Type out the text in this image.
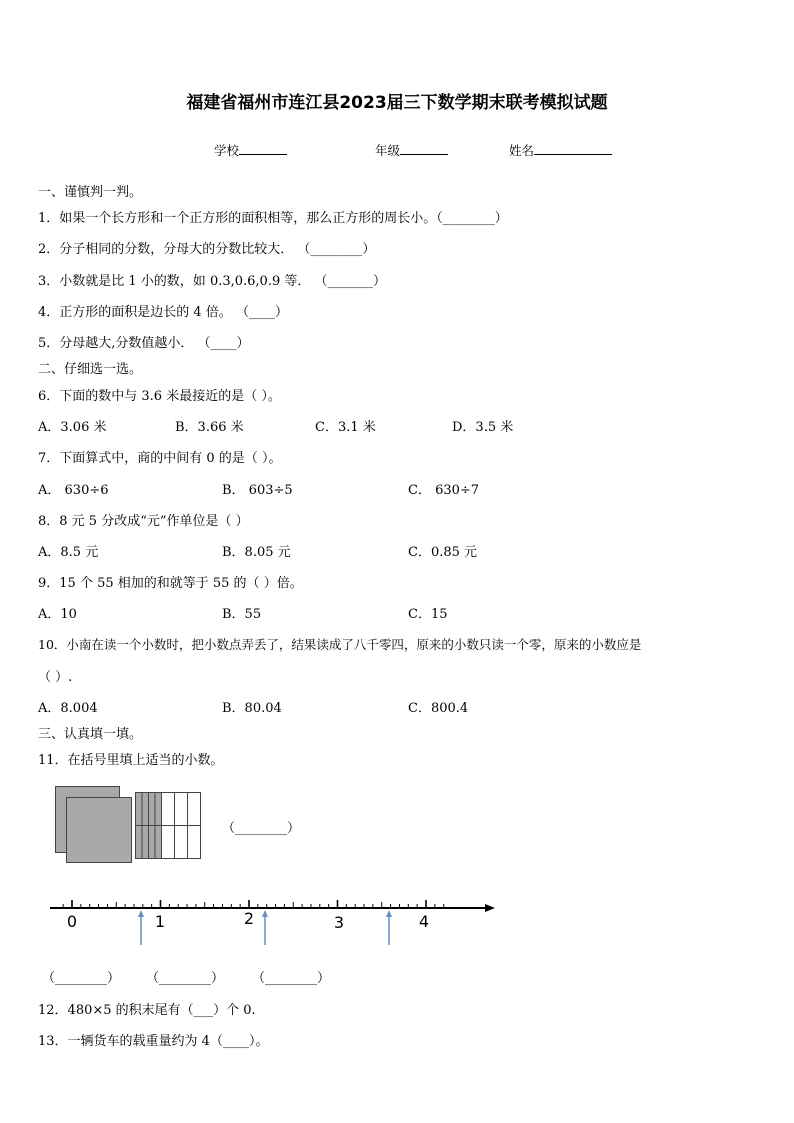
福建省福州市连江县2023届三下数学期末联考模拟试题
学校	年级	姓名
一、谨慎判一判。
1．如果一个长方形和一个正方形的面积相等，那么正方形的周长小。（________）
2．分子相同的分数，分母大的分数比较大． （________）
3．小数就是比 1 小的数，如 0.3,0.6,0.9 等． （_______）
4．正方形的面积是边长的 4 倍。 （____）
5．分母越大,分数值越小． （____）
二、仔细选一选。
6．下面的数中与 3.6 米最接近的是（ ）。
A．3.06 米	B．3.66 米	C．3.1 米	D．3.5 米
7．下面算式中，商的中间有 0 的是（ ）。
A． 630÷6	B． 603÷5	C． 630÷7
8．8 元 5 分改成“元”作单位是（ ）
A．8.5 元	B．8.05 元	C．0.85 元
9．15 个 55 相加的和就等于 55 的（ ）倍。
A．10	B．55	C．15
10．小南在读一个小数时，把小数点弄丢了，结果读成了八千零四，原来的小数只读一个零，原来的小数应是
（ ）.
A．8.004	B．80.04	C．800.4
三、认真填一填。
11．在括号里填上适当的小数。
（________）
0	1	2	3	4
（________） （________） （________）
12．480×5 的积末尾有（___）个 0.
13．一辆货车的载重量约为 4（____）。
